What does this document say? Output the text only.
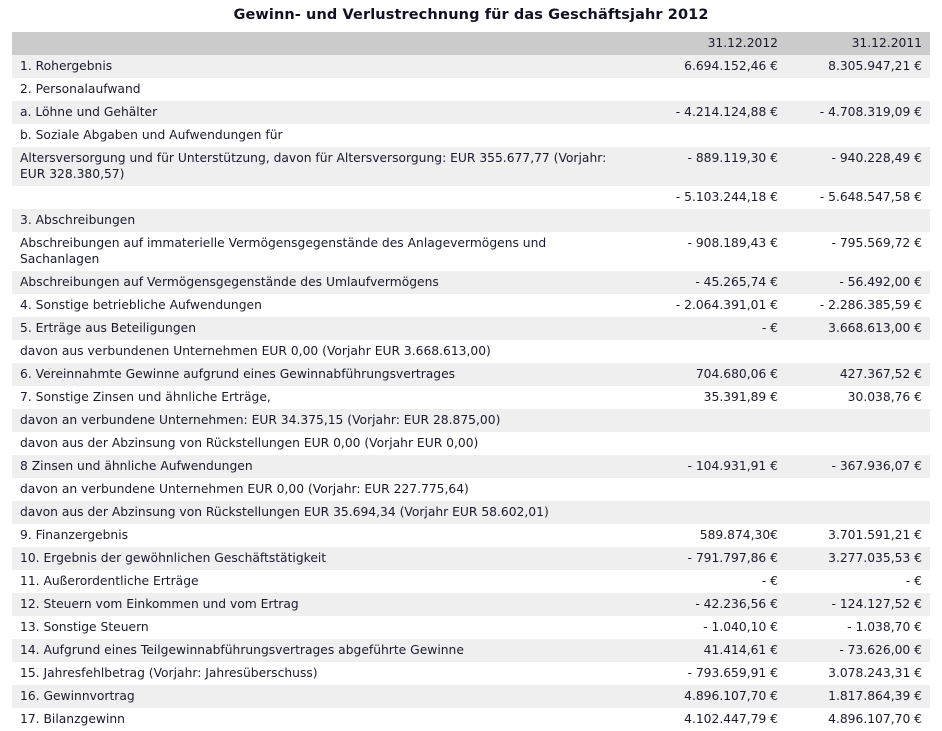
Gewinn- und Verlustrechnung für das Geschäftsjahr 2012
	31.12.2012	31.12.2011
1. Rohergebnis	6.694.152,46 €	8.305.947,21 €
2. Personalaufwand		
a. Löhne und Gehälter	- 4.214.124,88 €	- 4.708.319,09 €
b. Soziale Abgaben und Aufwendungen für		
Altersversorgung und für Unterstützung, davon für Altersversorgung: EUR 355.677,77 (Vorjahr: EUR 328.380,57)	- 889.119,30 €	- 940.228,49 €
	- 5.103.244,18 €	- 5.648.547,58 €
3. Abschreibungen		
Abschreibungen auf immaterielle Vermögensgegenstände des Anlagevermögens und Sachanlagen	- 908.189,43 €	- 795.569,72 €
Abschreibungen auf Vermögensgegenstände des Umlaufvermögens	- 45.265,74 €	- 56.492,00 €
4. Sonstige betriebliche Aufwendungen	- 2.064.391,01 €	- 2.286.385,59 €
5. Erträge aus Beteiligungen	- €	3.668.613,00 €
davon aus verbundenen Unternehmen EUR 0,00 (Vorjahr EUR 3.668.613,00)		
6. Vereinnahmte Gewinne aufgrund eines Gewinnabführungsvertrages	704.680,06 €	427.367,52 €
7. Sonstige Zinsen und ähnliche Erträge,	35.391,89 €	30.038,76 €
davon an verbundene Unternehmen: EUR 34.375,15 (Vorjahr: EUR 28.875,00)		
davon aus der Abzinsung von Rückstellungen EUR 0,00 (Vorjahr EUR 0,00)		
8 Zinsen und ähnliche Aufwendungen	- 104.931,91 €	- 367.936,07 €
davon an verbundene Unternehmen EUR 0,00 (Vorjahr: EUR 227.775,64)		
davon aus der Abzinsung von Rückstellungen EUR 35.694,34 (Vorjahr EUR 58.602,01)		
9. Finanzergebnis	589.874,30€	3.701.591,21 €
10. Ergebnis der gewöhnlichen Geschäftstätigkeit	- 791.797,86 €	3.277.035,53 €
11. Außerordentliche Erträge	- €	- €
12. Steuern vom Einkommen und vom Ertrag	- 42.236,56 €	- 124.127,52 €
13. Sonstige Steuern	- 1.040,10 €	- 1.038,70 €
14. Aufgrund eines Teilgewinnabführungsvertrages abgeführte Gewinne	41.414,61 €	- 73.626,00 €
15. Jahresfehlbetrag (Vorjahr: Jahresüberschuss)	- 793.659,91 €	3.078.243,31 €
16. Gewinnvortrag	4.896.107,70 €	1.817.864,39 €
17. Bilanzgewinn	4.102.447,79 €	4.896.107,70 €
